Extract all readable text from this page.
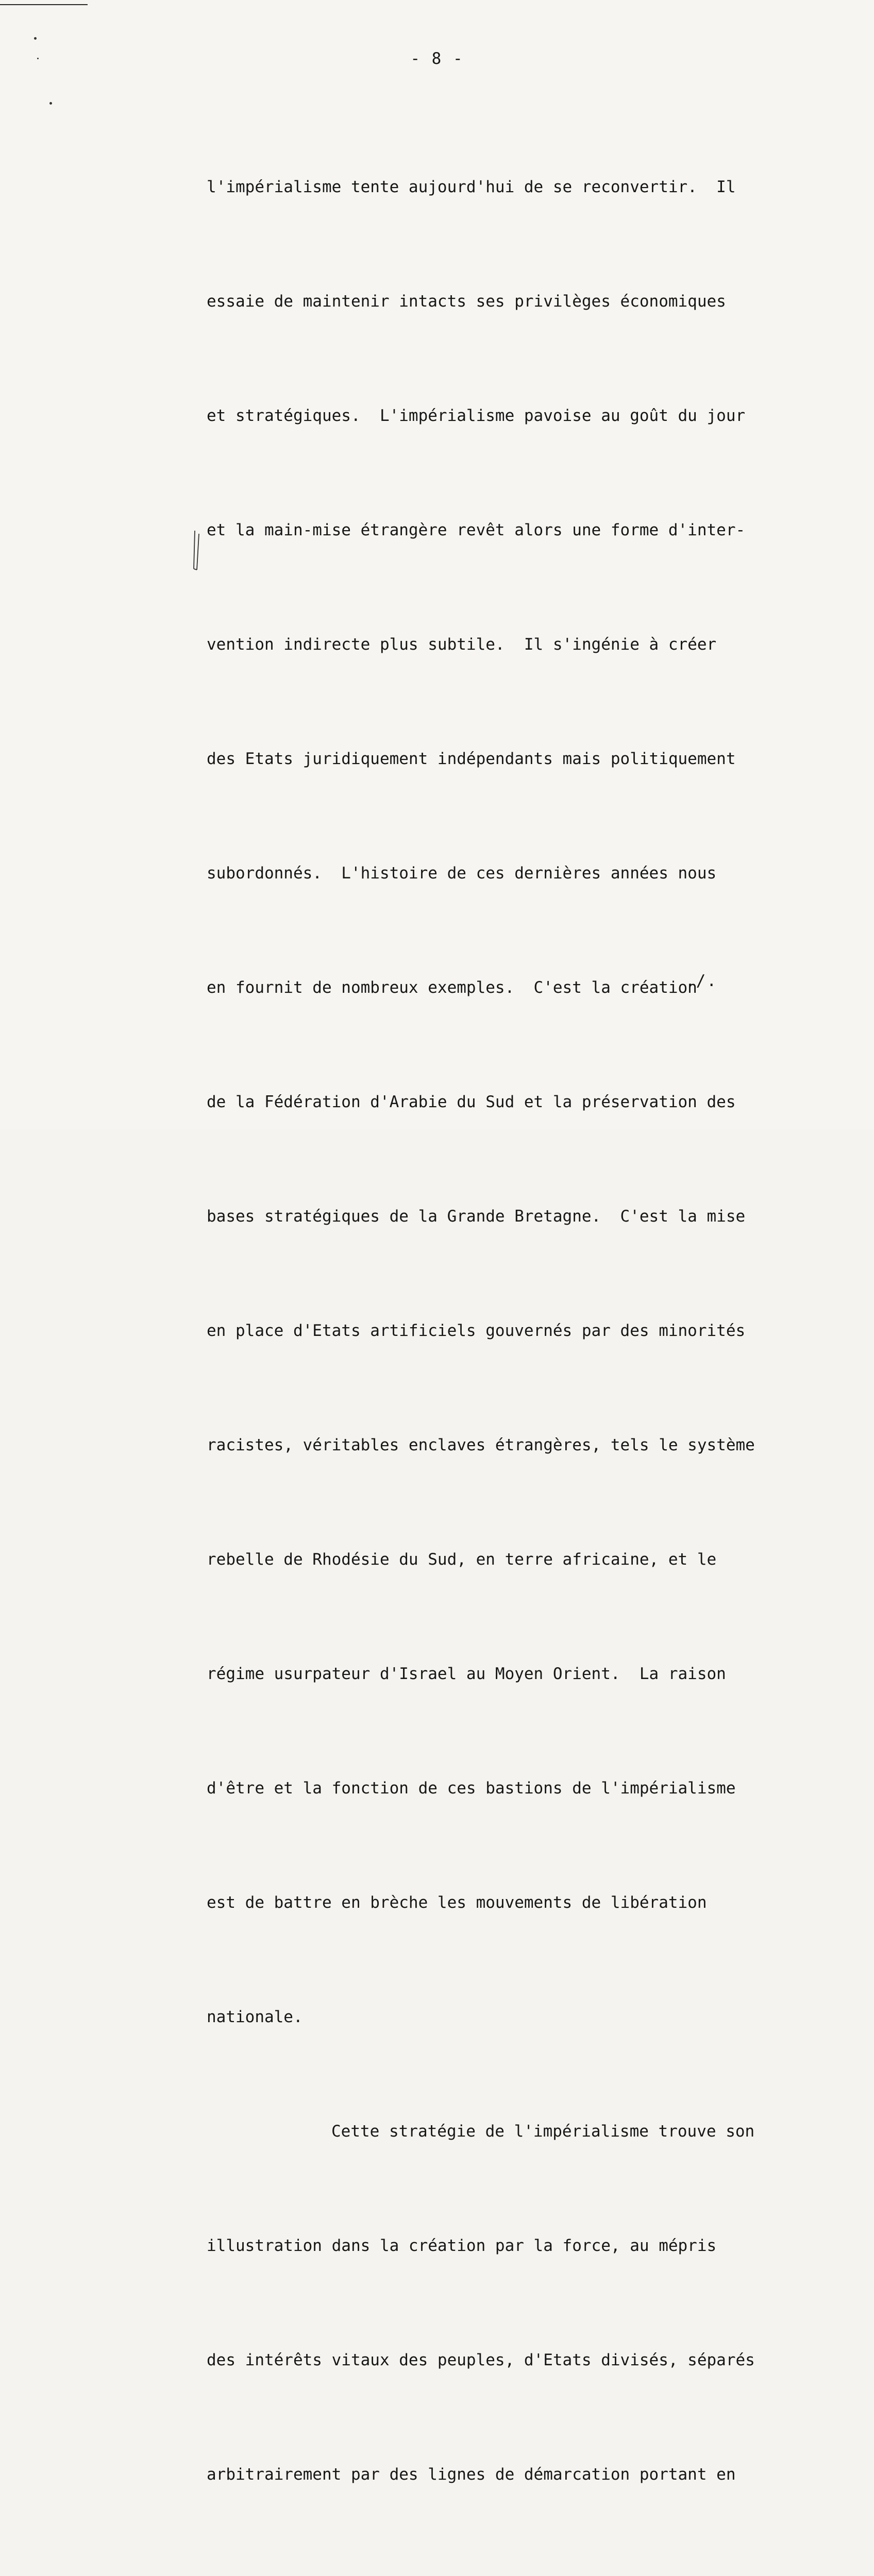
- 8 -

l'impérialisme tente aujourd'hui de se reconvertir.  Il

essaie de maintenir intacts ses privilèges économiques

et stratégiques.  L'impérialisme pavoise au goût du jour

et la main-mise étrangère revêt alors une forme d'inter-

vention indirecte plus subtile.  Il s'ingénie à créer

des Etats juridiquement indépendants mais politiquement

subordonnés.  L'histoire de ces dernières années nous

en fournit de nombreux exemples.  C'est la création

de la Fédération d'Arabie du Sud et la préservation des

bases stratégiques de la Grande Bretagne.  C'est la mise

en place d'Etats artificiels gouvernés par des minorités

racistes, véritables enclaves étrangères, tels le système

rebelle de Rhodésie du Sud, en terre africaine, et le

régime usurpateur d'Israel au Moyen Orient.  La raison

d'être et la fonction de ces bastions de l'impérialisme

est de battre en brèche les mouvements de libération

nationale.

Cette stratégie de l'impérialisme trouve son

illustration dans la création par la force, au mépris

des intérêts vitaux des peuples, d'Etats divisés, séparés

arbitrairement par des lignes de démarcation portant en

./.
